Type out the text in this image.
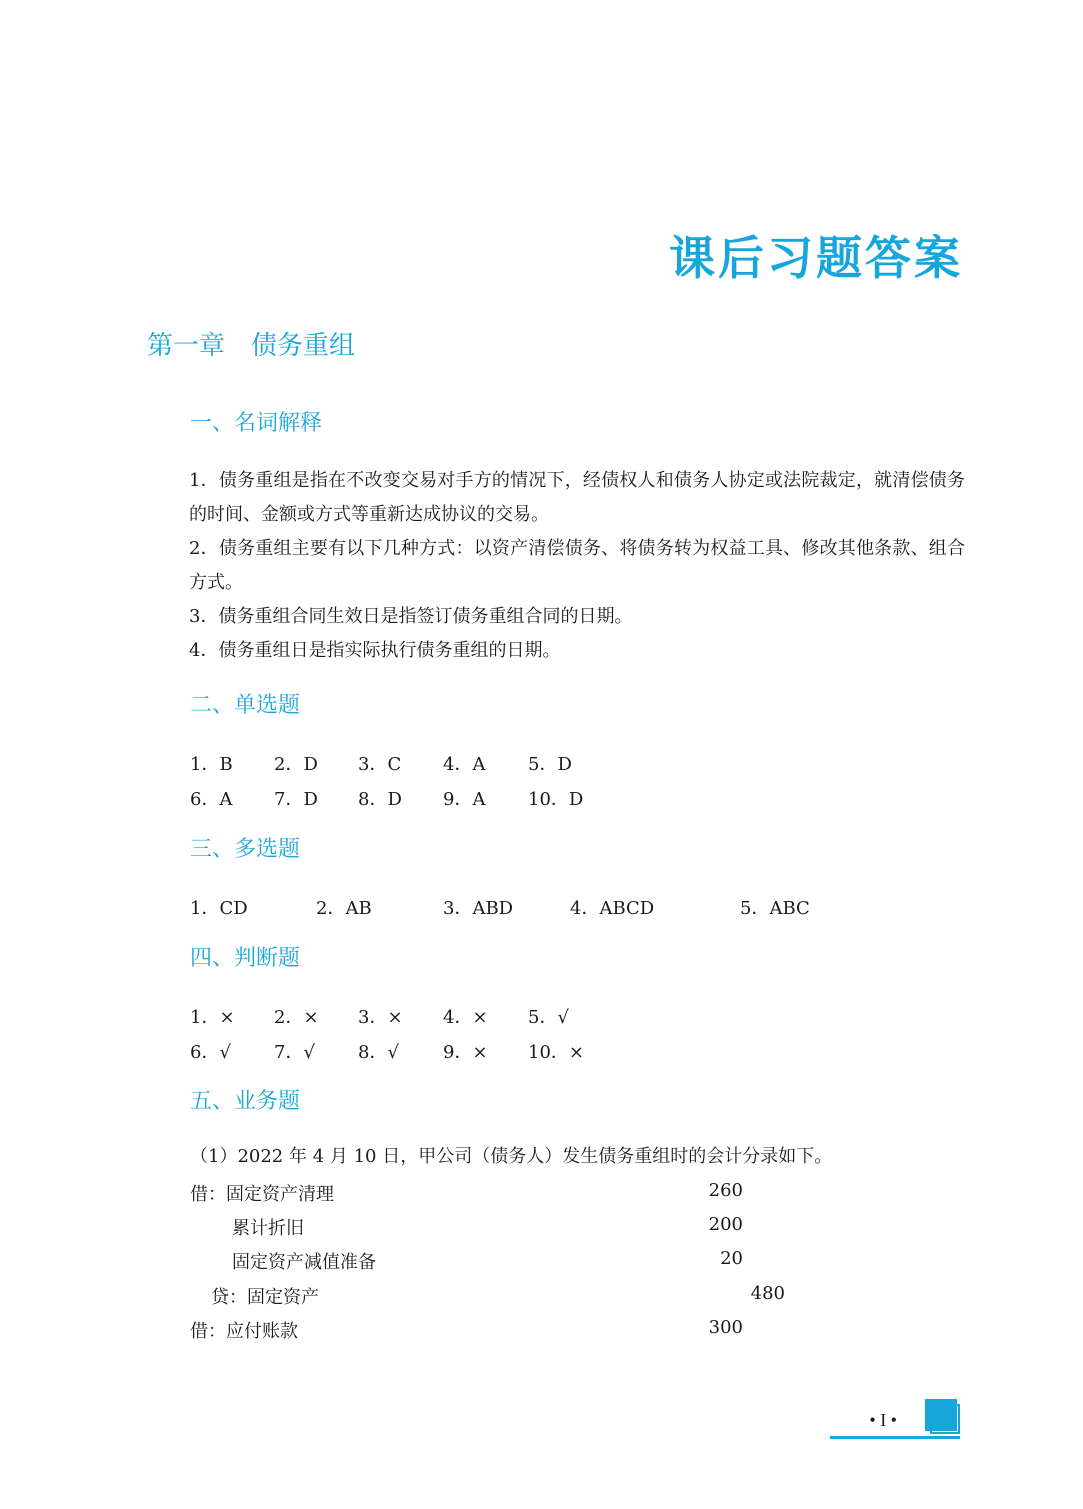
课后习题答案
第一章　债务重组
一、名词解释
1．债务重组是指在不改变交易对手方的情况下，经债权人和债务人协定或法院裁定，就清偿债务的时间、金额或方式等重新达成协议的交易。
2．债务重组主要有以下几种方式：以资产清偿债务、将债务转为权益工具、修改其他条款、组合方式。
3．债务重组合同生效日是指签订债务重组合同的日期。
4．债务重组日是指实际执行债务重组的日期。
二、单选题
1．B 2．D 3．C 4．A 5．D
6．A 7．D 8．D 9．A 10．D
三、多选题
1．CD	2．AB	3．ABD	4．ABCD	5．ABC
四、判断题
1．× 2．× 3．× 4．× 5．√
6．√ 7．√ 8．√ 9．× 10．×
五、业务题
（1）2022 年 4 月 10 日，甲公司（债务人）发生债务重组时的会计分录如下。
借：固定资产清理	260
累计折旧	200
固定资产减值准备	20
贷：固定资产	480
借：应付账款	300
• I •
